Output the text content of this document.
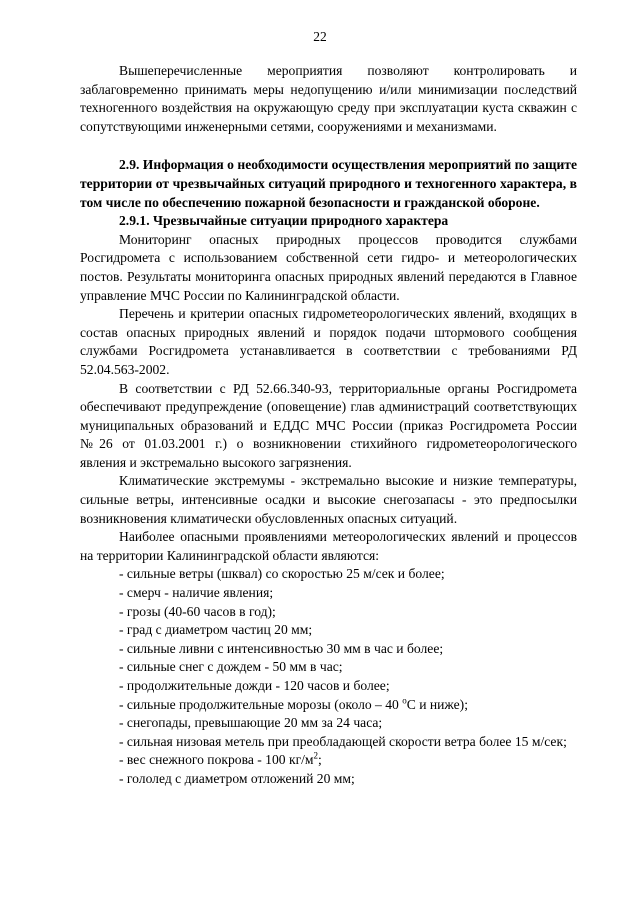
22

Вышеперечисленные мероприятия позволяют контролировать и заблаговременно принимать меры недопущению и/или минимизации последствий техногенного воздействия на окружающую среду при эксплуатации куста скважин с сопутствующими инженерными сетями, сооружениями и механизмами.

2.9. Информация о необходимости осуществления мероприятий по защите территории от чрезвычайных ситуаций природного и техногенного характера, в том числе по обеспечению пожарной безопасности и гражданской обороне.

2.9.1. Чрезвычайные ситуации природного характера

Мониторинг опасных природных процессов проводится службами Росгидромета с использованием собственной сети гидро- и метеорологических постов. Результаты мониторинга опасных природных явлений передаются в Главное управление МЧС России по Калининградской области.

Перечень и критерии опасных гидрометеорологических явлений, входящих в состав опасных природных явлений и порядок подачи штормового сообщения службами Росгидромета устанавливается в соответствии с требованиями РД 52.04.563-2002.

В соответствии с РД 52.66.340-93, территориальные органы Росгидромета обеспечивают предупреждение (оповещение) глав администраций соответствующих муниципальных образований и ЕДДС МЧС России (приказ Росгидромета России №26 от 01.03.2001 г.) о возникновении стихийного гидрометеорологического явления и экстремально высокого загрязнения.

Климатические экстремумы - экстремально высокие и низкие температуры, сильные ветры, интенсивные осадки и высокие снегозапасы - это предпосылки возникновения климатически обусловленных опасных ситуаций.

Наиболее опасными проявлениями метеорологических явлений и процессов на территории Калининградской области являются:

- сильные ветры (шквал) со скоростью 25 м/сек и более;
- смерч - наличие явления;
- грозы (40-60 часов в год);
- град с диаметром частиц 20 мм;
- сильные ливни с интенсивностью 30 мм в час и более;
- сильные снег с дождем - 50 мм в час;
- продолжительные дожди - 120 часов и более;
- сильные продолжительные морозы (около – 40 $^о$С и ниже);
- снегопады, превышающие 20 мм за 24 часа;
- сильная низовая метель при преобладающей скорости ветра более 15 м/сек;
- вес снежного покрова - 100 $кг/м^2$;
- гололед с диаметром отложений 20 мм;
